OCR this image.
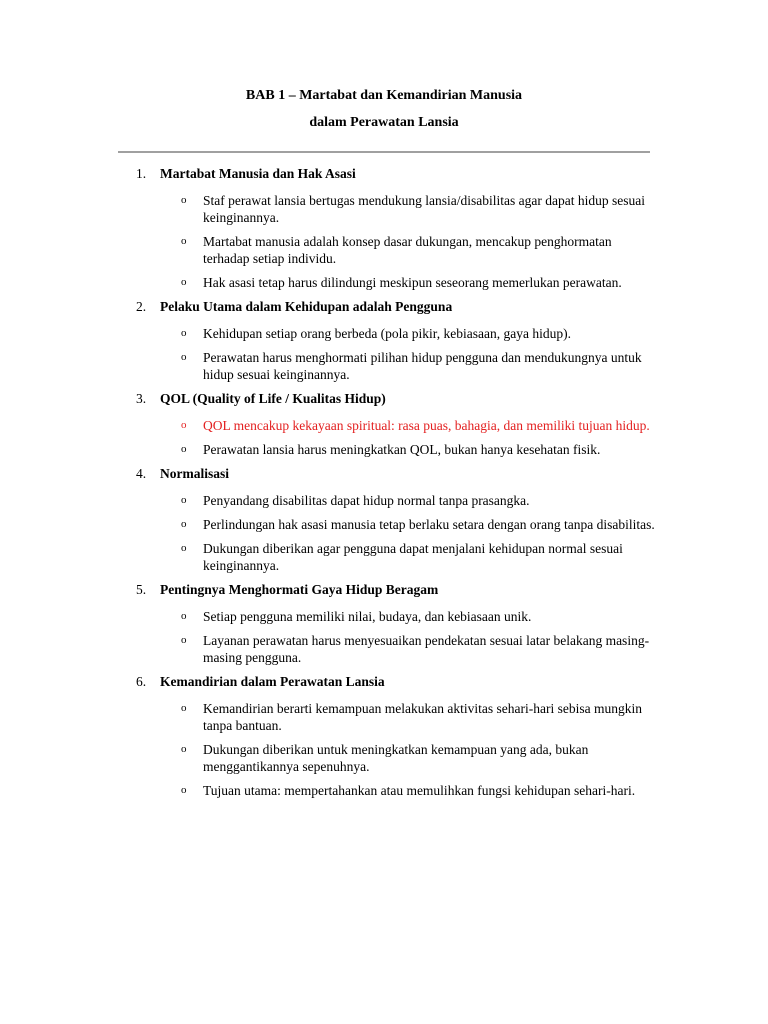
BAB 1 – Martabat dan Kemandirian Manusia
dalam Perawatan Lansia
1.	Martabat Manusia dan Hak Asasi
o	Staf perawat lansia bertugas mendukung lansia/disabilitas agar dapat hidup sesuai keinginannya.
o	Martabat manusia adalah konsep dasar dukungan, mencakup penghormatan terhadap setiap individu.
o	Hak asasi tetap harus dilindungi meskipun seseorang memerlukan perawatan.
2.	Pelaku Utama dalam Kehidupan adalah Pengguna
o	Kehidupan setiap orang berbeda (pola pikir, kebiasaan, gaya hidup).
o	Perawatan harus menghormati pilihan hidup pengguna dan mendukungnya untuk hidup sesuai keinginannya.
3.	QOL (Quality of Life / Kualitas Hidup)
o	QOL mencakup kekayaan spiritual: rasa puas, bahagia, dan memiliki tujuan hidup.
o	Perawatan lansia harus meningkatkan QOL, bukan hanya kesehatan fisik.
4.	Normalisasi
o	Penyandang disabilitas dapat hidup normal tanpa prasangka.
o	Perlindungan hak asasi manusia tetap berlaku setara dengan orang tanpa disabilitas.
o	Dukungan diberikan agar pengguna dapat menjalani kehidupan normal sesuai keinginannya.
5.	Pentingnya Menghormati Gaya Hidup Beragam
o	Setiap pengguna memiliki nilai, budaya, dan kebiasaan unik.
o	Layanan perawatan harus menyesuaikan pendekatan sesuai latar belakang masing-masing pengguna.
6.	Kemandirian dalam Perawatan Lansia
o	Kemandirian berarti kemampuan melakukan aktivitas sehari-hari sebisa mungkin tanpa bantuan.
o	Dukungan diberikan untuk meningkatkan kemampuan yang ada, bukan menggantikannya sepenuhnya.
o	Tujuan utama: mempertahankan atau memulihkan fungsi kehidupan sehari-hari.
